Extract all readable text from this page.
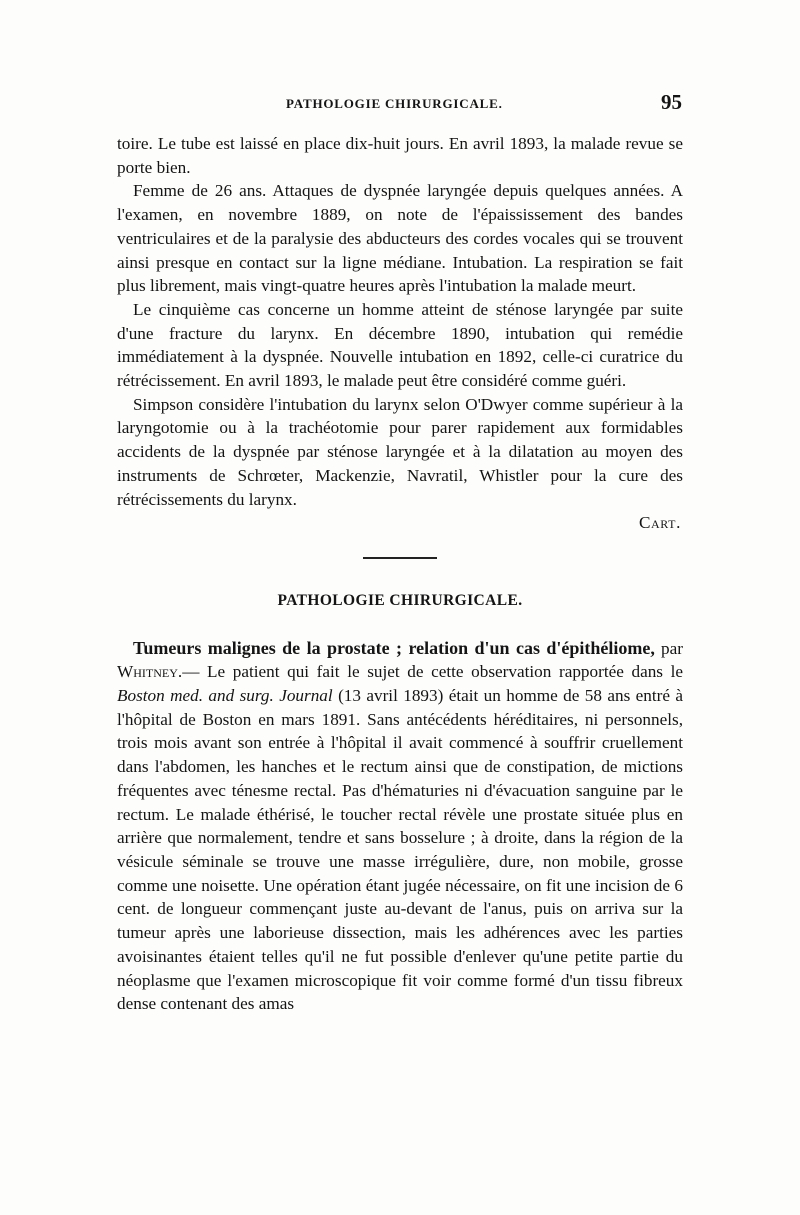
PATHOLOGIE CHIRURGICALE.	95

toire. Le tube est laissé en place dix-huit jours. En avril 1893, la malade revue se porte bien.

Femme de 26 ans. Attaques de dyspnée laryngée depuis quelques années. A l'examen, en novembre 1889, on note de l'épaississement des bandes ventriculaires et de la paralysie des abducteurs des cordes vocales qui se trouvent ainsi presque en contact sur la ligne médiane. Intubation. La respiration se fait plus librement, mais vingt-quatre heures après l'intubation la malade meurt.

Le cinquième cas concerne un homme atteint de sténose laryngée par suite d'une fracture du larynx. En décembre 1890, intubation qui remédie immédiatement à la dyspnée. Nouvelle intubation en 1892, celle-ci curatrice du rétrécissement. En avril 1893, le malade peut être considéré comme guéri.

Simpson considère l'intubation du larynx selon O'Dwyer comme supérieur à la laryngotomie ou à la trachéotomie pour parer rapidement aux formidables accidents de la dyspnée par sténose laryngée et à la dilatation au moyen des instruments de Schrœter, Mackenzie, Navratil, Whistler pour la cure des rétrécissements du larynx.

Cart.

PATHOLOGIE CHIRURGICALE.

Tumeurs malignes de la prostate ; relation d'un cas d'épithéliome, par Whitney.— Le patient qui fait le sujet de cette observation rapportée dans le Boston med. and surg. Journal (13 avril 1893) était un homme de 58 ans entré à l'hôpital de Boston en mars 1891. Sans antécédents héréditaires, ni personnels, trois mois avant son entrée à l'hôpital il avait commencé à souffrir cruellement dans l'abdomen, les hanches et le rectum ainsi que de constipation, de mictions fréquentes avec ténesme rectal. Pas d'hématuries ni d'évacuation sanguine par le rectum. Le malade éthérisé, le toucher rectal révèle une prostate située plus en arrière que normalement, tendre et sans bosselure ; à droite, dans la région de la vésicule séminale se trouve une masse irrégulière, dure, non mobile, grosse comme une noisette. Une opération étant jugée nécessaire, on fit une incision de 6 cent. de longueur commençant juste au-devant de l'anus, puis on arriva sur la tumeur après une laborieuse dissection, mais les adhérences avec les parties avoisinantes étaient telles qu'il ne fut possible d'enlever qu'une petite partie du néoplasme que l'examen microscopique fit voir comme formé d'un tissu fibreux dense contenant des amas
